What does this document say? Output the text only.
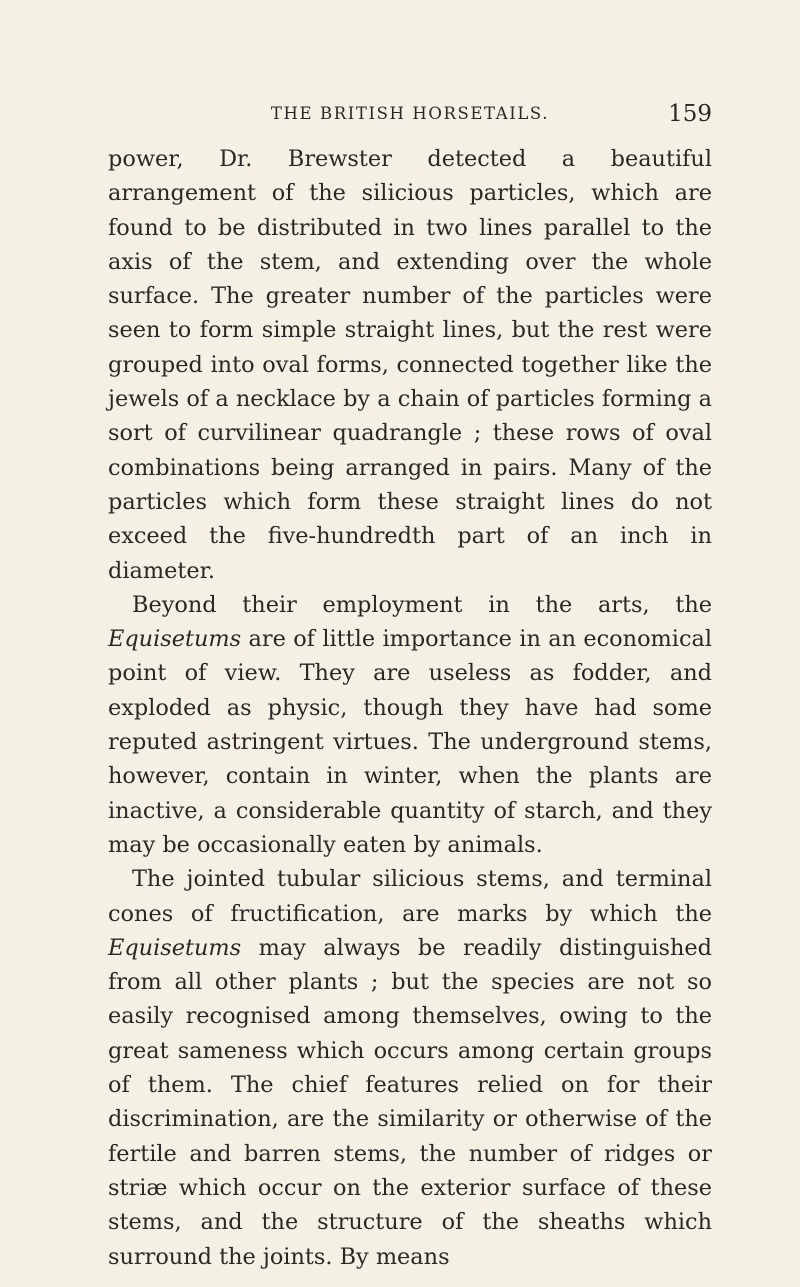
THE BRITISH HORSETAILS.	159

power, Dr. Brewster detected a beautiful arrangement of the silicious particles, which are found to be distributed in two lines parallel to the axis of the stem, and extending over the whole surface. The greater number of the particles were seen to form simple straight lines, but the rest were grouped into oval forms, connected together like the jewels of a necklace by a chain of particles forming a sort of curvilinear quadrangle ; these rows of oval combinations being arranged in pairs. Many of the particles which form these straight lines do not exceed the five-hundredth part of an inch in diameter.

Beyond their employment in the arts, the Equisetums are of little importance in an economical point of view. They are useless as fodder, and exploded as physic, though they have had some reputed astringent virtues. The underground stems, however, contain in winter, when the plants are inactive, a considerable quantity of starch, and they may be occasionally eaten by animals.

The jointed tubular silicious stems, and terminal cones of fructification, are marks by which the Equisetums may always be readily distinguished from all other plants ; but the species are not so easily recognised among themselves, owing to the great sameness which occurs among certain groups of them. The chief features relied on for their discrimination, are the similarity or otherwise of the fertile and barren stems, the number of ridges or striæ which occur on the exterior surface of these stems, and the structure of the sheaths which surround the joints. By means
